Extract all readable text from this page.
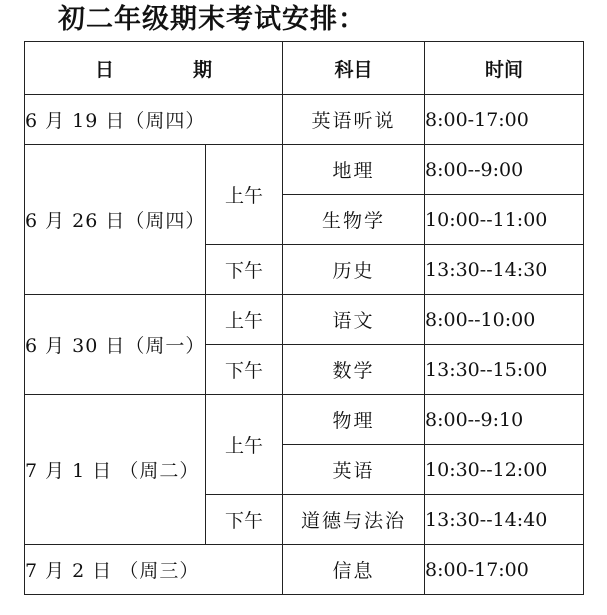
初二年级期末考试安排：
日　期		科目	时间
6 月 19 日（周四）		英语听说	8:00-17:00
6 月 26 日（周四）	上午	地理	8:00--9:00
		生物学	10:00--11:00
	下午	历史	13:30--14:30
6 月 30 日（周一）	上午	语文	8:00--10:00
	下午	数学	13:30--15:00
7 月 1 日 （周二）	上午	物理	8:00--9:10
		英语	10:30--12:00
	下午	道德与法治	13:30--14:40
7 月 2 日 （周三）		信息	8:00-17:00
